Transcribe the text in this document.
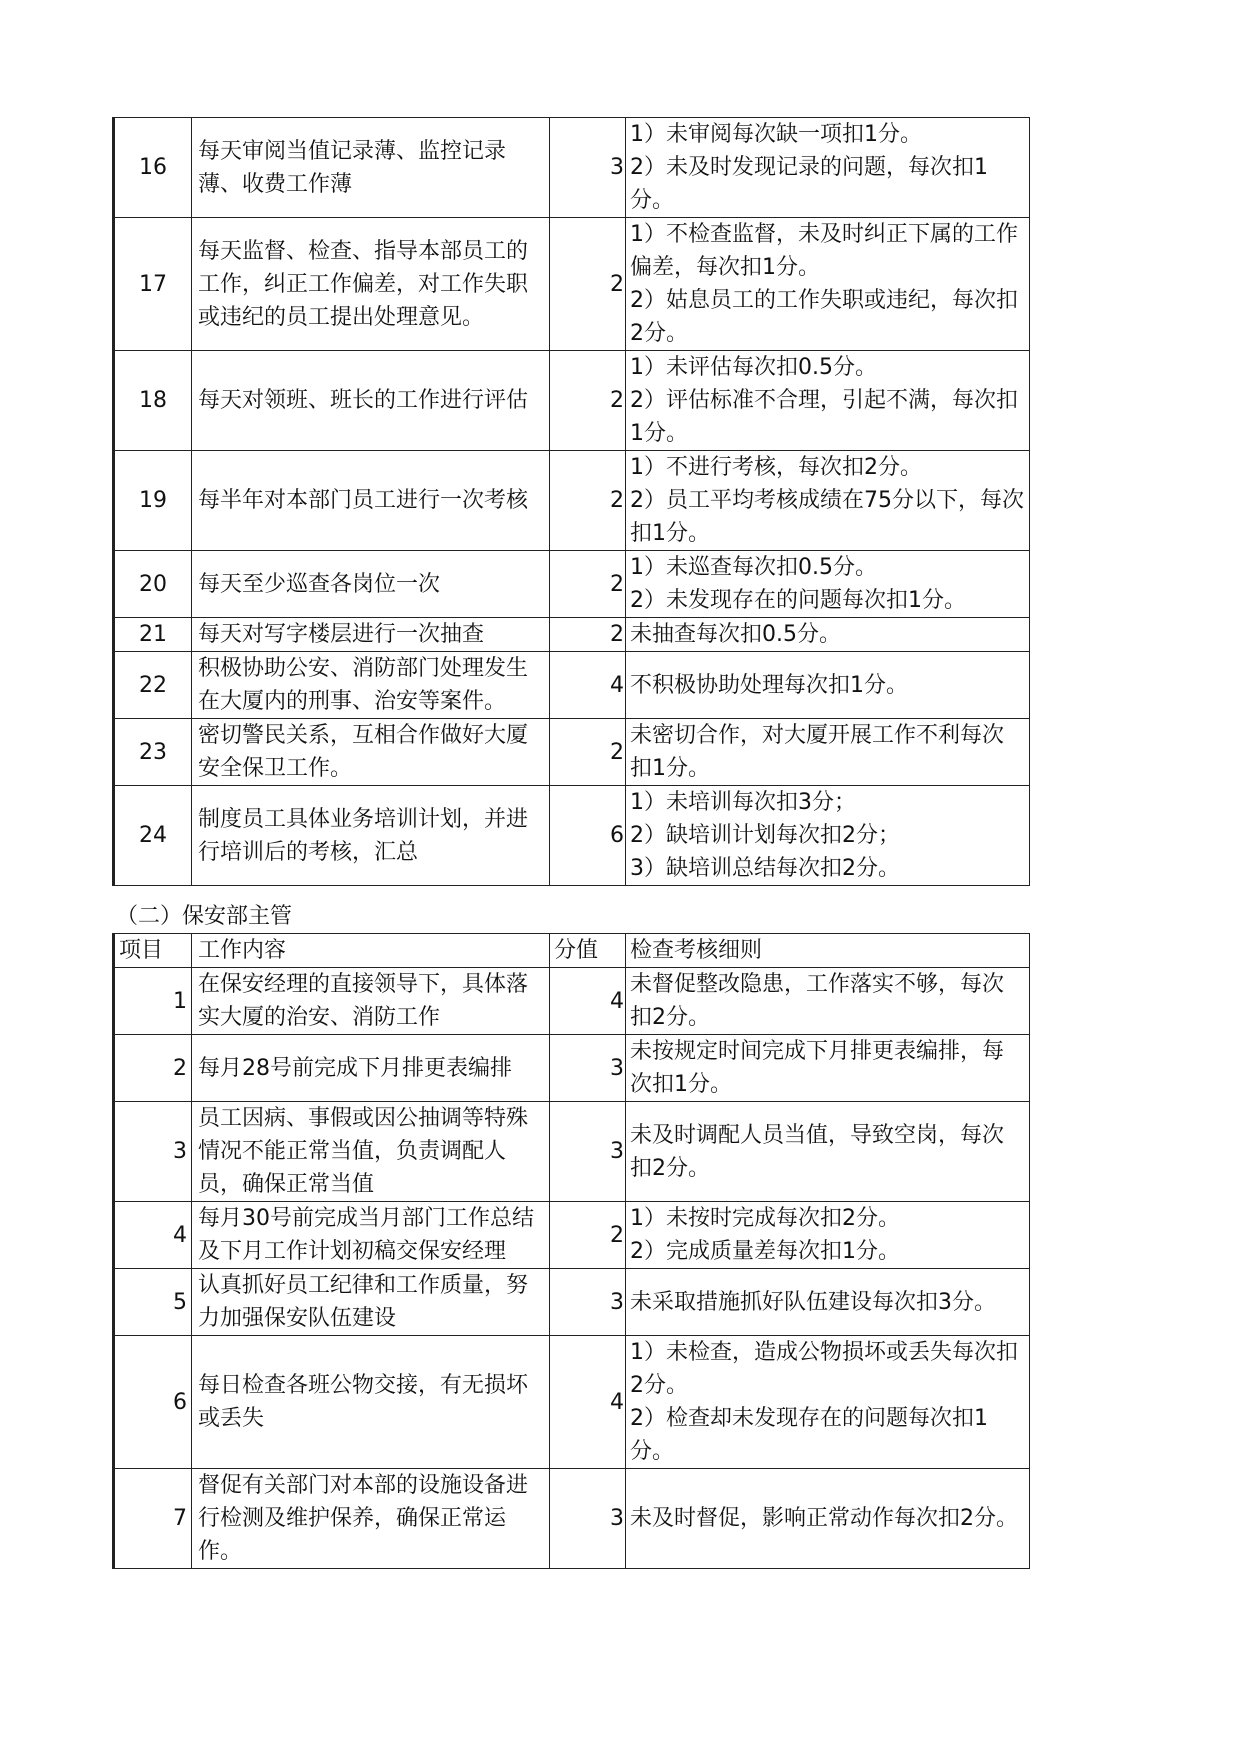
16	每天审阅当值记录薄、监控记录薄、收费工作薄	3	1）未审阅每次缺一项扣1分。
2）未及时发现记录的问题，每次扣1分。

17	每天监督、检查、指导本部员工的工作，纠正工作偏差，对工作失职或违纪的员工提出处理意见。	2	1）不检查监督，未及时纠正下属的工作偏差，每次扣1分。
2）姑息员工的工作失职或违纪，每次扣2分。

18	每天对领班、班长的工作进行评估	2	1）未评估每次扣0.5分。
2）评估标准不合理，引起不满，每次扣1分。

19	每半年对本部门员工进行一次考核	2	1）不进行考核，每次扣2分。
2）员工平均考核成绩在75分以下，每次扣1分。

20	每天至少巡查各岗位一次	2	1）未巡查每次扣0.5分。
2）未发现存在的问题每次扣1分。

21	每天对写字楼层进行一次抽查	2	未抽查每次扣0.5分。

22	积极协助公安、消防部门处理发生在大厦内的刑事、治安等案件。	4	不积极协助处理每次扣1分。

23	密切警民关系，互相合作做好大厦安全保卫工作。	2	未密切合作，对大厦开展工作不利每次扣1分。

24	制度员工具体业务培训计划，并进行培训后的考核，汇总	6	1）未培训每次扣3分；
2）缺培训计划每次扣2分；
3）缺培训总结每次扣2分。
（二）保安部主管
项目	工作内容	分值	检查考核细则
1	在保安经理的直接领导下，具体落实大厦的治安、消防工作	4	未督促整改隐患，工作落实不够，每次扣2分。

2	每月28号前完成下月排更表编排	3	未按规定时间完成下月排更表编排，每次扣1分。

3	员工因病、事假或因公抽调等特殊情况不能正常当值，负责调配人员，确保正常当值	3	未及时调配人员当值，导致空岗，每次扣2分。

4	每月30号前完成当月部门工作总结及下月工作计划初稿交保安经理	2	1）未按时完成每次扣2分。
2）完成质量差每次扣1分。

5	认真抓好员工纪律和工作质量，努力加强保安队伍建设	3	未采取措施抓好队伍建设每次扣3分。

6	每日检查各班公物交接，有无损坏或丢失	4	1）未检查，造成公物损坏或丢失每次扣2分。
2）检查却未发现存在的问题每次扣1分。

7	督促有关部门对本部的设施设备进行检测及维护保养，确保正常运作。	3	未及时督促，影响正常动作每次扣2分。
